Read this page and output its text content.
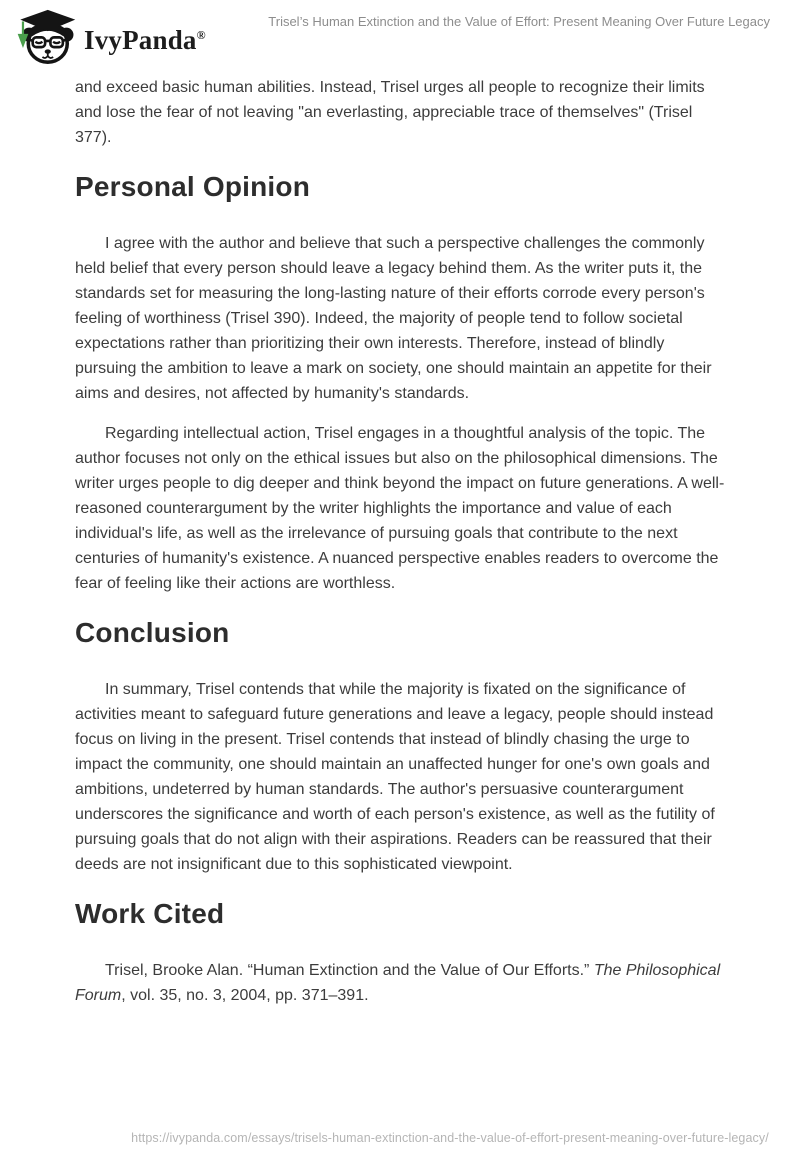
IvyPanda®
Trisel’s Human Extinction and the Value of Effort: Present Meaning Over Future Legacy

and exceed basic human abilities. Instead, Trisel urges all people to recognize their limits and lose the fear of not leaving "an everlasting, appreciable trace of themselves" (Trisel 377).

Personal Opinion

I agree with the author and believe that such a perspective challenges the commonly held belief that every person should leave a legacy behind them. As the writer puts it, the standards set for measuring the long-lasting nature of their efforts corrode every person's feeling of worthiness (Trisel 390). Indeed, the majority of people tend to follow societal expectations rather than prioritizing their own interests. Therefore, instead of blindly pursuing the ambition to leave a mark on society, one should maintain an appetite for their aims and desires, not affected by humanity's standards.

Regarding intellectual action, Trisel engages in a thoughtful analysis of the topic. The author focuses not only on the ethical issues but also on the philosophical dimensions. The writer urges people to dig deeper and think beyond the impact on future generations. A well-reasoned counterargument by the writer highlights the importance and value of each individual's life, as well as the irrelevance of pursuing goals that contribute to the next centuries of humanity's existence. A nuanced perspective enables readers to overcome the fear of feeling like their actions are worthless.

Conclusion

In summary, Trisel contends that while the majority is fixated on the significance of activities meant to safeguard future generations and leave a legacy, people should instead focus on living in the present. Trisel contends that instead of blindly chasing the urge to impact the community, one should maintain an unaffected hunger for one's own goals and ambitions, undeterred by human standards. The author's persuasive counterargument underscores the significance and worth of each person's existence, as well as the futility of pursuing goals that do not align with their aspirations. Readers can be reassured that their deeds are not insignificant due to this sophisticated viewpoint.

Work Cited

Trisel, Brooke Alan. “Human Extinction and the Value of Our Efforts.” The Philosophical Forum, vol. 35, no. 3, 2004, pp. 371–391.

https://ivypanda.com/essays/trisels-human-extinction-and-the-value-of-effort-present-meaning-over-future-legacy/
